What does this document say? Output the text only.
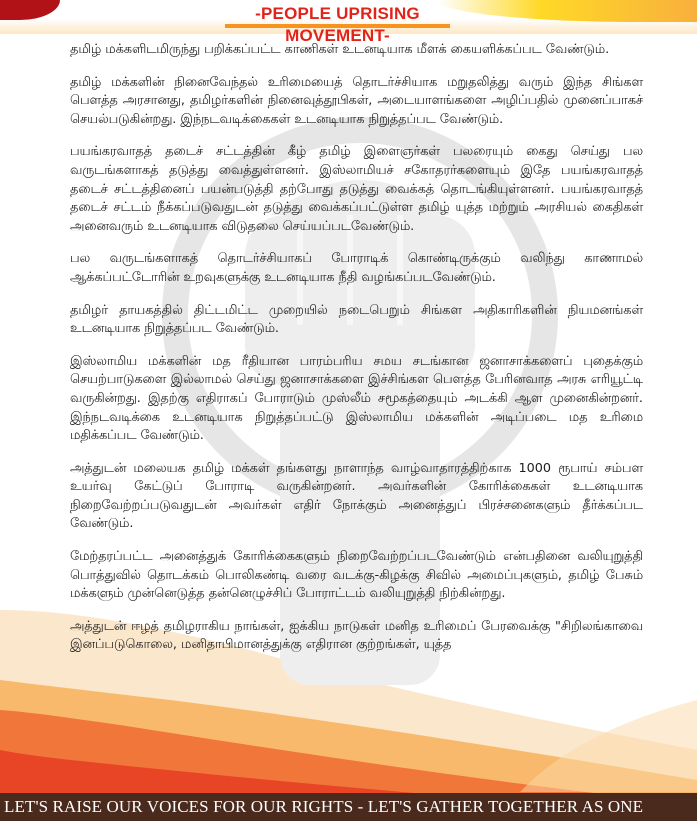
-PEOPLE UPRISING MOVEMENT-

தமிழ் மக்களிடமிருந்து பறிக்கப்பட்ட காணிகள் உடனடியாக மீளக் கையளிக்கப்பட வேண்டும்.

தமிழ் மக்களின் நினைவேந்தல் உரிமையைத் தொடர்ச்சியாக மறுதலித்து வரும் இந்த சிங்கள பௌத்த அரசானது, தமிழர்களின் நினைவுத்தூபிகள், அடையாளங்களை அழிப்பதில் முனைப்பாகச் செயல்படுகின்றது. இந்நடவடிக்கைகள் உடனடியாக நிறுத்தப்பட வேண்டும்.

பயங்கரவாதத் தடைச் சட்டத்தின் கீழ் தமிழ் இளைஞர்கள் பலரையும் கைது செய்து பல வருடங்களாகத் தடுத்து வைத்துள்ளனர். இஸ்லாமியச் சகோதரர்களையும் இதே பயங்கரவாதத் தடைச் சட்டத்தினைப் பயன்படுத்தி தற்போது தடுத்து வைக்கத் தொடங்கியுள்ளனர். பயங்கரவாதத் தடைச் சட்டம் நீக்கப்படுவதுடன் தடுத்து வைக்கப்பட்டுள்ள தமிழ் யுத்த மற்றும் அரசியல் கைதிகள் அனைவரும் உடனடியாக விடுதலை செய்யப்படவேண்டும்.

பல வருடங்களாகத் தொடர்ச்சியாகப் போராடிக் கொண்டிருக்கும் வலிந்து காணாமல் ஆக்கப்பட்டோரின் உறவுகளுக்கு உடனடியாக நீதி வழங்கப்படவேண்டும்.

தமிழர் தாயகத்தில் திட்டமிட்ட முறையில் நடைபெறும் சிங்கள அதிகாரிகளின் நியமனங்கள் உடனடியாக நிறுத்தப்பட வேண்டும்.

இஸ்லாமிய மக்களின் மத ரீதியான பாரம்பரிய சமய சடங்கான ஜனாசாக்களைப் புதைக்கும் செயற்பாடுகளை இல்லாமல் செய்து ஜனாசாக்களை இச்சிங்கள பௌத்த பேரினவாத அரசு எரியூட்டி வருகின்றது. இதற்கு எதிராகப் போராடும் முஸ்லீம் சமூகத்தையும் அடக்கி ஆள முனைகின்றனர். இந்நடவடிக்கை உடனடியாக நிறுத்தப்பட்டு இஸ்லாமிய மக்களின் அடிப்படை மத உரிமை மதிக்கப்பட வேண்டும்.

அத்துடன் மலையக தமிழ் மக்கள் தங்களது நாளாந்த வாழ்வாதாரத்திற்காக 1000 ரூபாய் சம்பள உயர்வு கேட்டுப் போராடி வருகின்றனர். அவர்களின் கோரிக்கைகள் உடனடியாக நிறைவேற்றப்படுவதுடன் அவர்கள் எதிர் நோக்கும் அனைத்துப் பிரச்சனைகளும் தீர்க்கப்பட வேண்டும்.

மேற்தரப்பட்ட அனைத்துக் கோரிக்கைகளும் நிறைவேற்றப்படவேண்டும் என்பதினை வலியுறுத்தி பொத்துவில் தொடக்கம் பொலிகண்டி வரை வடக்கு-கிழக்கு சிவில் அமைப்புகளும், தமிழ் பேசும் மக்களும் முன்னெடுத்த தன்னெழுச்சிப் போராட்டம் வலியுறுத்தி நிற்கின்றது.

அத்துடன் ஈழத் தமிழராகிய நாங்கள், ஐக்கிய நாடுகள் மனித உரிமைப் பேரவைக்கு "சிறிலங்காவை இனப்படுகொலை, மனிதாபிமானத்துக்கு எதிரான குற்றங்கள், யுத்த

LET'S RAISE OUR VOICES FOR OUR RIGHTS - LET'S GATHER TOGETHER AS ONE
